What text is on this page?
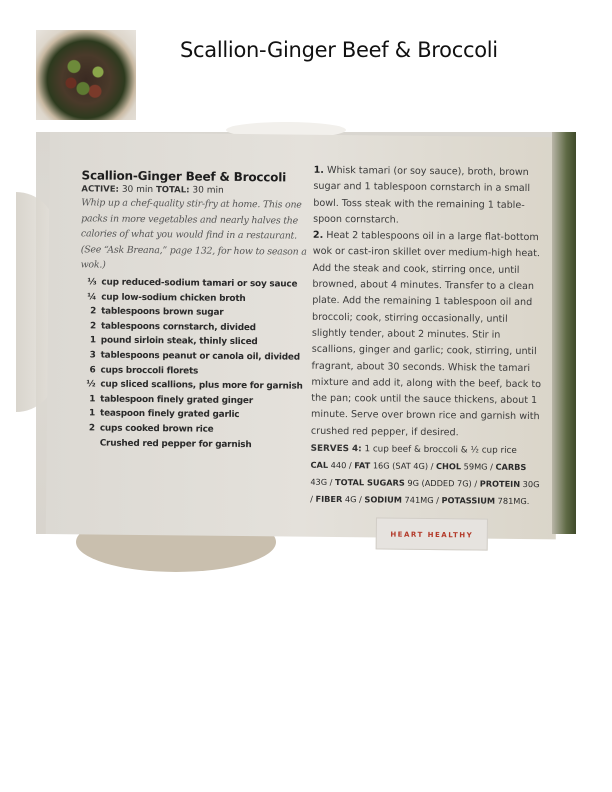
Scallion-Ginger Beef & Broccoli
Scallion-Ginger Beef & Broccoli
ACTIVE: 30 min TOTAL: 30 min
Whip up a chef-quality stir-fry at home. This one packs in more vegetables and nearly halves the calories of what you would find in a restaurant. (See “Ask Breana,” page 132, for how to season a wok.)
⅓ cup reduced-sodium tamari or soy sauce
¼ cup low-sodium chicken broth
2 tablespoons brown sugar
2 tablespoons cornstarch, divided
1 pound sirloin steak, thinly sliced
3 tablespoons peanut or canola oil, divided
6 cups broccoli florets
½ cup sliced scallions, plus more for garnish
1 tablespoon finely grated ginger
1 teaspoon finely grated garlic
2 cups cooked brown rice
Crushed red pepper for garnish
1. Whisk tamari (or soy sauce), broth, brown sugar and 1 tablespoon cornstarch in a small bowl. Toss steak with the remaining 1 table-spoon cornstarch.
2. Heat 2 tablespoons oil in a large flat-bottom wok or cast-iron skillet over medium-high heat. Add the steak and cook, stirring once, until browned, about 4 minutes. Transfer to a clean plate. Add the remaining 1 tablespoon oil and broccoli; cook, stirring occasionally, until slightly tender, about 2 minutes. Stir in scallions, ginger and garlic; cook, stirring, until fragrant, about 30 seconds. Whisk the tamari mixture and add it, along with the beef, back to the pan; cook until the sauce thickens, about 1 minute. Serve over brown rice and garnish with crushed red pepper, if desired.
SERVES 4: 1 cup beef & broccoli & ½ cup rice
CAL 440 / FAT 16G (SAT 4G) / CHOL 59MG / CARBS 43G / TOTAL SUGARS 9G (ADDED 7G) / PROTEIN 30G / FIBER 4G / SODIUM 741MG / POTASSIUM 781MG.
HEART HEALTHY
